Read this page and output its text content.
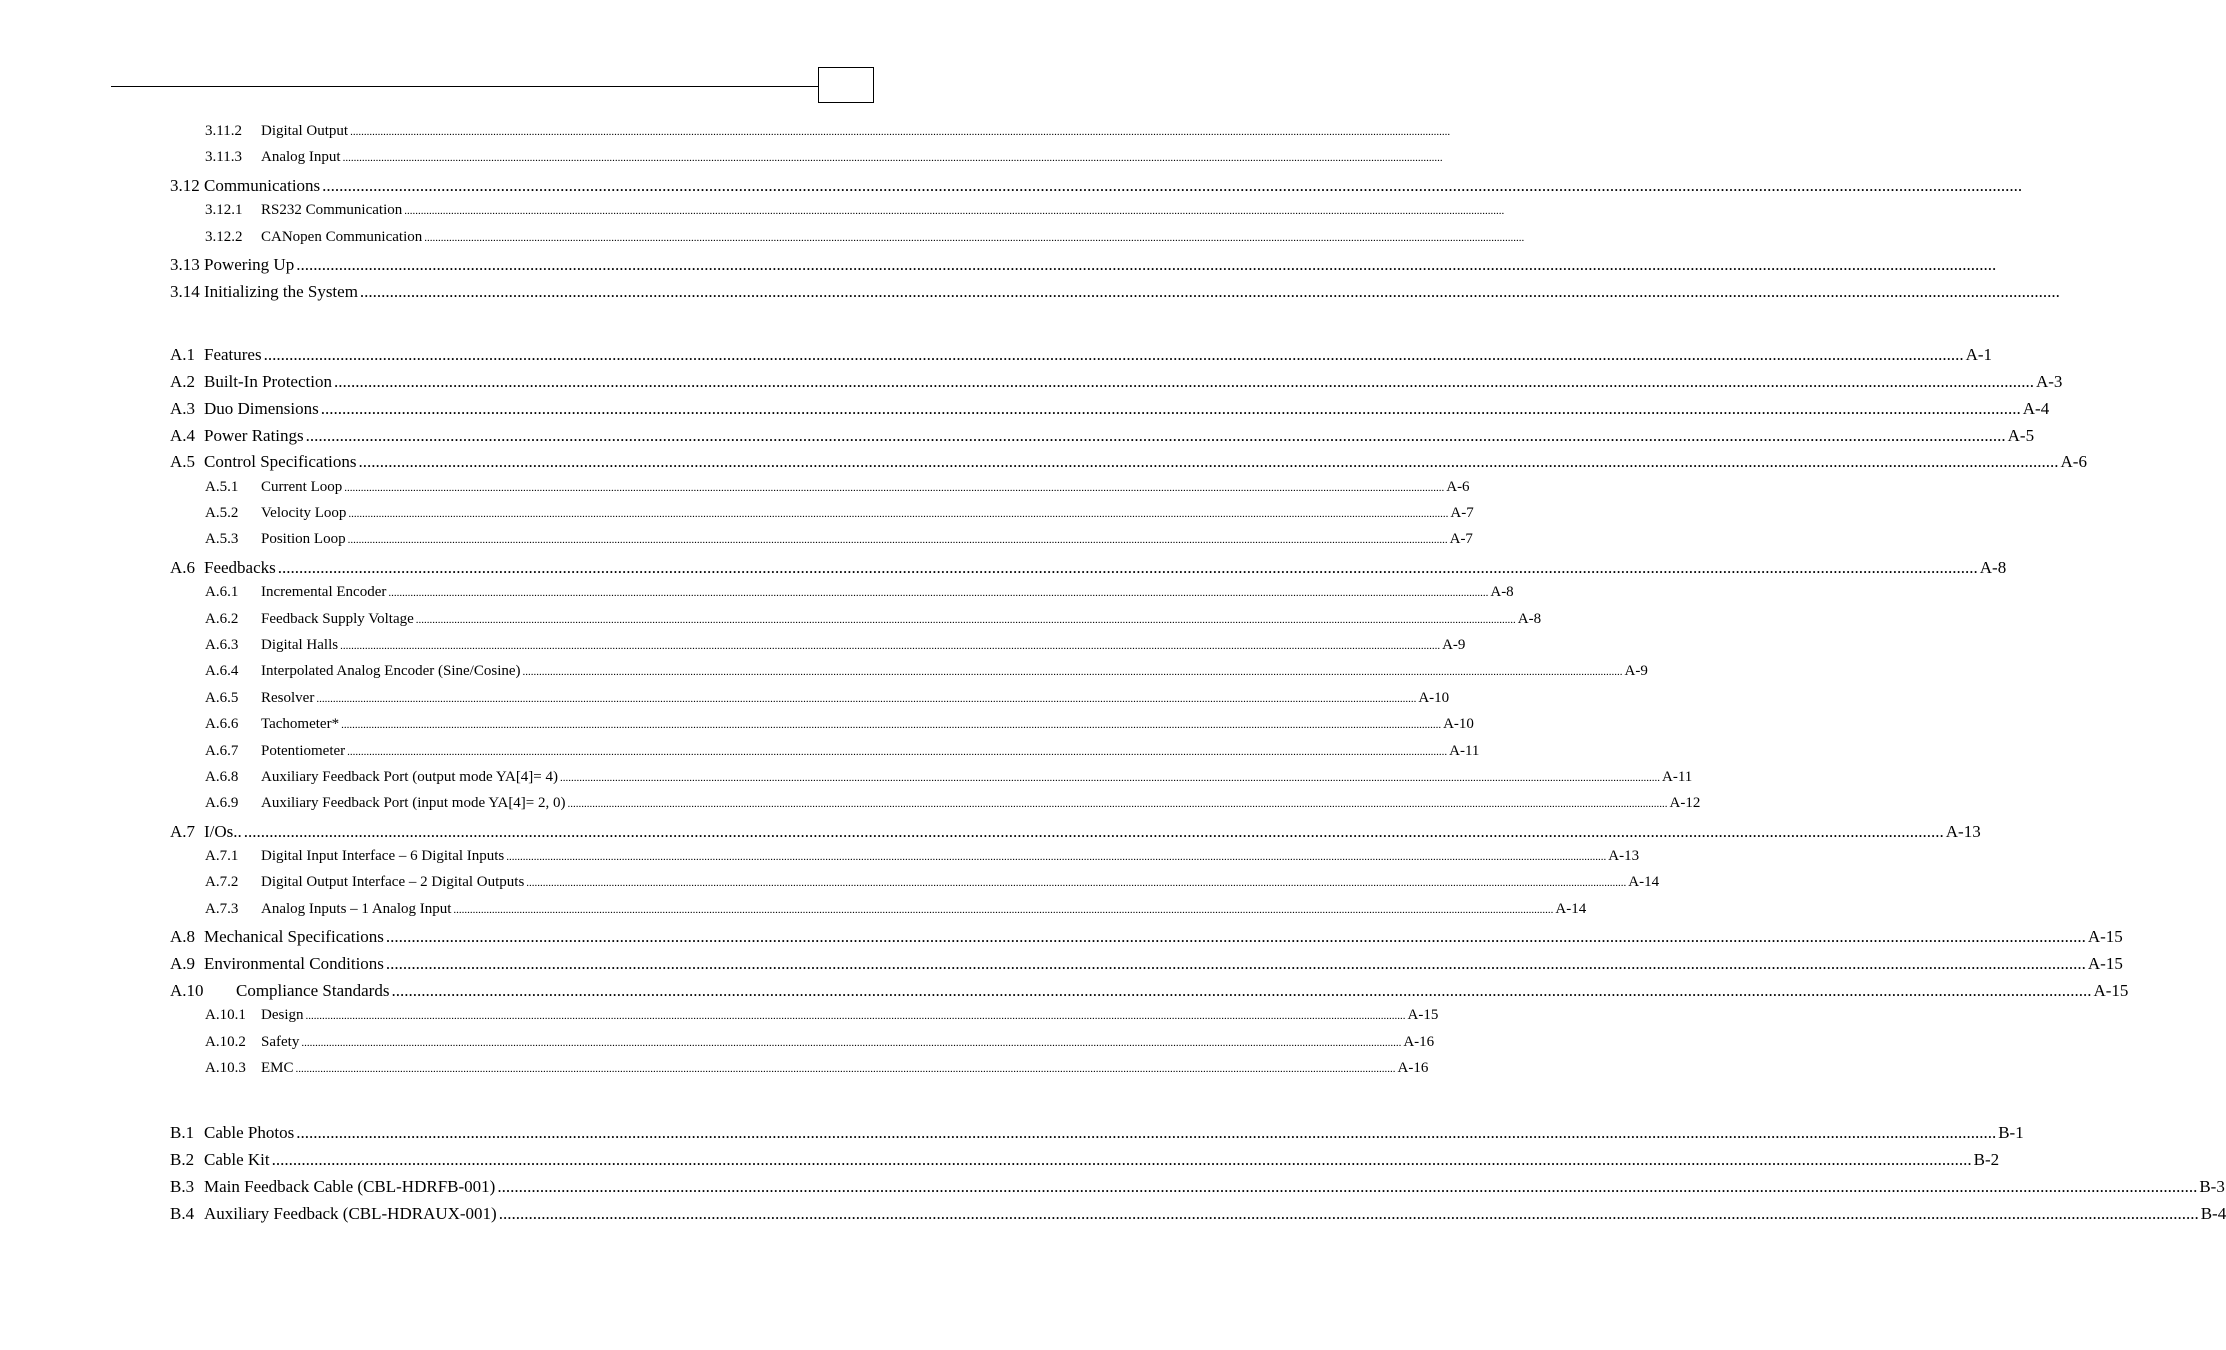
3.11.2	Digital Output ................................................................................................................................................................................................................................................................................................................................................................................................................
3.11.3	Analog Input ................................................................................................................................................................................................................................................................................................................................................................................................................
3.12 Communications ................................................................................................................................................................................................................................................................................................................................................................................................................
3.12.1	RS232 Communication ................................................................................................................................................................................................................................................................................................................................................................................................................
3.12.2	CANopen Communication ................................................................................................................................................................................................................................................................................................................................................................................................................
3.13 Powering Up ................................................................................................................................................................................................................................................................................................................................................................................................................
3.14 Initializing the System ................................................................................................................................................................................................................................................................................................................................................................................................................
A.1 Features ................................................................................................................................................................................................................................................................................................................................................................................................................ A-1
A.2 Built-In Protection ................................................................................................................................................................................................................................................................................................................................................................................................................ A-3
A.3 Duo Dimensions ................................................................................................................................................................................................................................................................................................................................................................................................................ A-4
A.4 Power Ratings ................................................................................................................................................................................................................................................................................................................................................................................................................ A-5
A.5 Control Specifications ................................................................................................................................................................................................................................................................................................................................................................................................................ A-6
A.5.1	Current Loop ................................................................................................................................................................................................................................................................................................................................................................................................................ A-6
A.5.2	Velocity Loop ................................................................................................................................................................................................................................................................................................................................................................................................................ A-7
A.5.3	Position Loop ................................................................................................................................................................................................................................................................................................................................................................................................................ A-7
A.6 Feedbacks ................................................................................................................................................................................................................................................................................................................................................................................................................ A-8
A.6.1	Incremental Encoder ................................................................................................................................................................................................................................................................................................................................................................................................................ A-8
A.6.2	Feedback Supply Voltage ................................................................................................................................................................................................................................................................................................................................................................................................................ A-8
A.6.3	Digital Halls ................................................................................................................................................................................................................................................................................................................................................................................................................ A-9
A.6.4	Interpolated Analog Encoder (Sine/Cosine) ................................................................................................................................................................................................................................................................................................................................................................................................................ A-9
A.6.5	Resolver ................................................................................................................................................................................................................................................................................................................................................................................................................ A-10
A.6.6	Tachometer* ................................................................................................................................................................................................................................................................................................................................................................................................................ A-10
A.6.7	Potentiometer ................................................................................................................................................................................................................................................................................................................................................................................................................ A-11
A.6.8	Auxiliary Feedback Port (output mode YA[4]= 4) ................................................................................................................................................................................................................................................................................................................................................................................................................ A-11
A.6.9	Auxiliary Feedback Port (input mode YA[4]= 2, 0) ................................................................................................................................................................................................................................................................................................................................................................................................................ A-12
A.7 I/Os.. ................................................................................................................................................................................................................................................................................................................................................................................................................ A-13
A.7.1	Digital Input Interface – 6 Digital Inputs ................................................................................................................................................................................................................................................................................................................................................................................................................ A-13
A.7.2	Digital Output Interface – 2 Digital Outputs ................................................................................................................................................................................................................................................................................................................................................................................................................ A-14
A.7.3	Analog Inputs – 1 Analog Input ................................................................................................................................................................................................................................................................................................................................................................................................................ A-14
A.8 Mechanical Specifications ................................................................................................................................................................................................................................................................................................................................................................................................................ A-15
A.9 Environmental Conditions ................................................................................................................................................................................................................................................................................................................................................................................................................ A-15
A.10	Compliance Standards ................................................................................................................................................................................................................................................................................................................................................................................................................ A-15
A.10.1	Design ................................................................................................................................................................................................................................................................................................................................................................................................................ A-15
A.10.2	Safety ................................................................................................................................................................................................................................................................................................................................................................................................................ A-16
A.10.3	EMC ................................................................................................................................................................................................................................................................................................................................................................................................................ A-16
B.1 Cable Photos ................................................................................................................................................................................................................................................................................................................................................................................................................ B-1
B.2 Cable Kit ................................................................................................................................................................................................................................................................................................................................................................................................................ B-2
B.3 Main Feedback Cable (CBL-HDRFB-001) ................................................................................................................................................................................................................................................................................................................................................................................................................ B-3
B.4 Auxiliary Feedback (CBL-HDRAUX-001) ................................................................................................................................................................................................................................................................................................................................................................................................................ B-4
